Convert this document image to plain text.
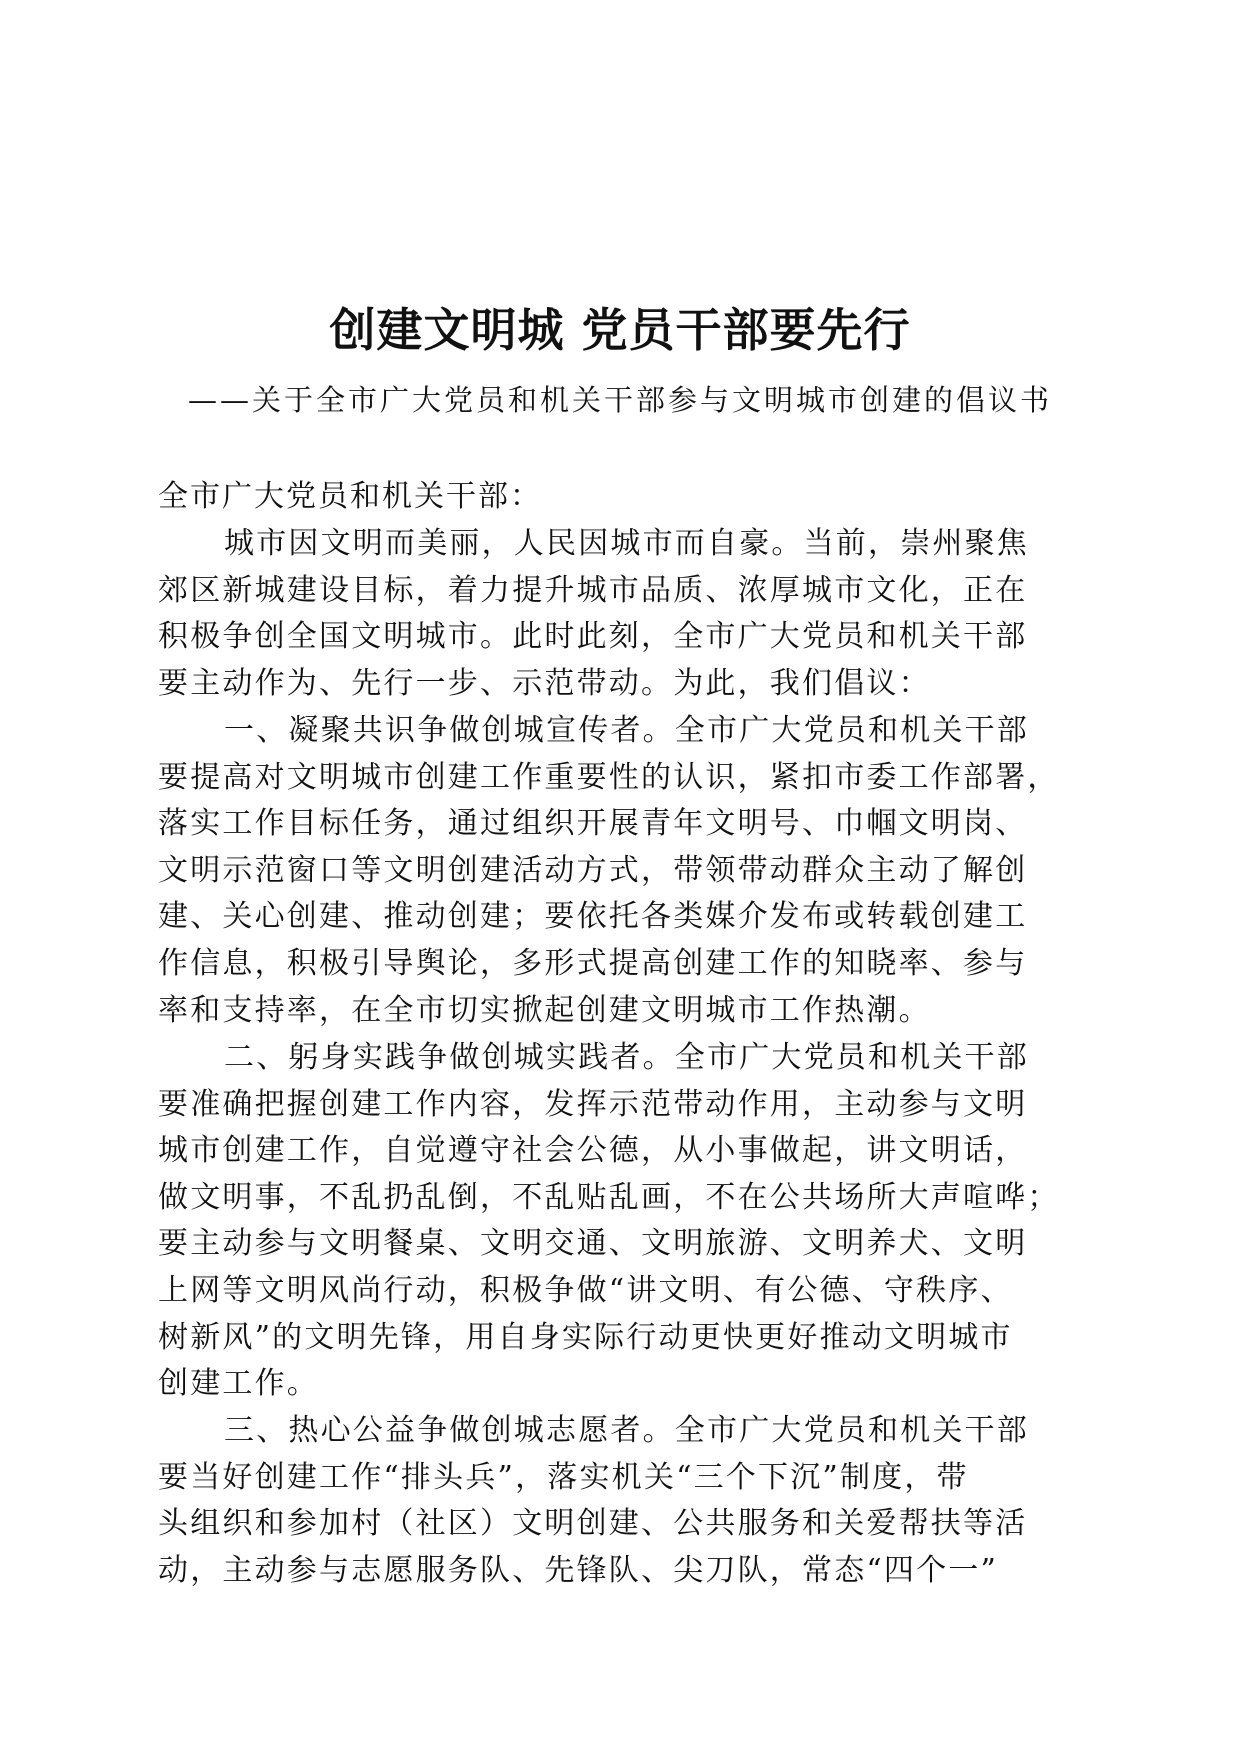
创建文明城 党员干部要先行
——关于全市广大党员和机关干部参与文明城市创建的倡议书
全市广大党员和机关干部：
城市因文明而美丽，人民因城市而自豪。当前，崇州聚焦
郊区新城建设目标，着力提升城市品质、浓厚城市文化，正在
积极争创全国文明城市。此时此刻，全市广大党员和机关干部
要主动作为、先行一步、示范带动。为此，我们倡议：
一、凝聚共识争做创城宣传者。全市广大党员和机关干部
要提高对文明城市创建工作重要性的认识，紧扣市委工作部署，
落实工作目标任务，通过组织开展青年文明号、巾帼文明岗、
文明示范窗口等文明创建活动方式，带领带动群众主动了解创
建、关心创建、推动创建；要依托各类媒介发布或转载创建工
作信息，积极引导舆论，多形式提高创建工作的知晓率、参与
率和支持率，在全市切实掀起创建文明城市工作热潮。
二、躬身实践争做创城实践者。全市广大党员和机关干部
要准确把握创建工作内容，发挥示范带动作用，主动参与文明
城市创建工作，自觉遵守社会公德，从小事做起，讲文明话，
做文明事，不乱扔乱倒，不乱贴乱画，不在公共场所大声喧哗；
要主动参与文明餐桌、文明交通、文明旅游、文明养犬、文明
上网等文明风尚行动，积极争做“讲文明、有公德、守秩序、
树新风”的文明先锋，用自身实际行动更快更好推动文明城市
创建工作。
三、热心公益争做创城志愿者。全市广大党员和机关干部
要当好创建工作“排头兵”，落实机关“三个下沉”制度，带
头组织和参加村（社区）文明创建、公共服务和关爱帮扶等活
动，主动参与志愿服务队、先锋队、尖刀队，常态“四个一”
